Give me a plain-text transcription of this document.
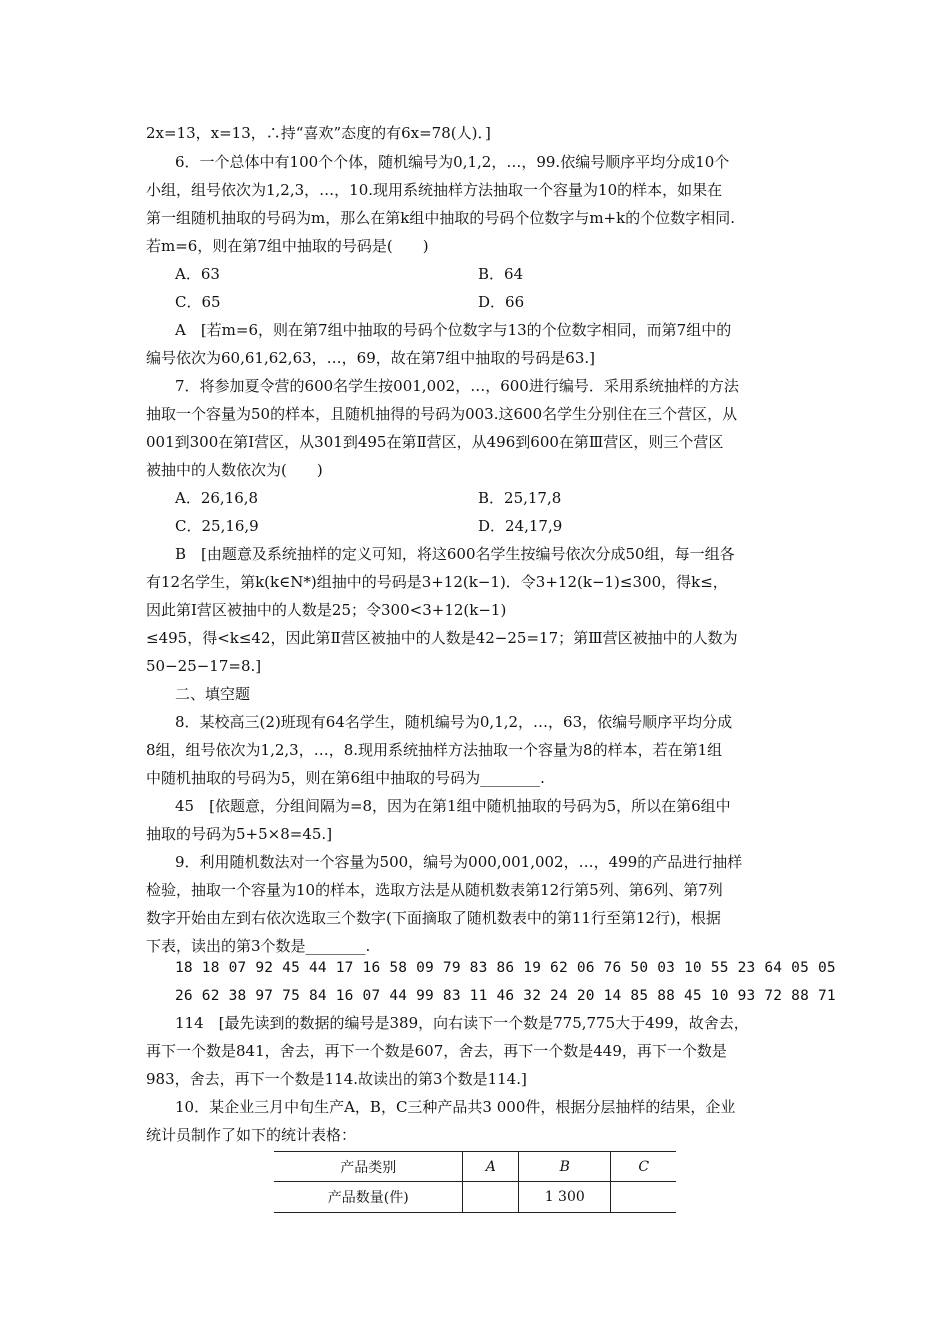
2x=13，x=13，∴持“喜欢”态度的有6x=78(人)．]
6．一个总体中有100个个体，随机编号为0,1,2，…，99.依编号顺序平均分成10个
小组，组号依次为1,2,3，…，10.现用系统抽样方法抽取一个容量为10的样本，如果在
第一组随机抽取的号码为m，那么在第k组中抽取的号码个位数字与m+k的个位数字相同.
若m=6，则在第7组中抽取的号码是(　　)
A　[若m=6，则在第7组中抽取的号码个位数字与13的个位数字相同，而第7组中的
编号依次为60,61,62,63，…，69，故在第7组中抽取的号码是63.]
7．将参加夏令营的600名学生按001,002，…，600进行编号．采用系统抽样的方法
抽取一个容量为50的样本，且随机抽得的号码为003.这600名学生分别住在三个营区，从
001到300在第Ⅰ营区，从301到495在第Ⅱ营区，从496到600在第Ⅲ营区，则三个营区
被抽中的人数依次为(　　)
B　[由题意及系统抽样的定义可知，将这600名学生按编号依次分成50组，每一组各
有12名学生，第k(k∈N*)组抽中的号码是3+12(k−1)．令3+12(k−1)≤300，得k≤，
因此第Ⅰ营区被抽中的人数是25；令300<3+12(k−1)
≤495，得<k≤42，因此第Ⅱ营区被抽中的人数是42−25=17；第Ⅲ营区被抽中的人数为
50−25−17=8.]
二、填空题
8．某校高三(2)班现有64名学生，随机编号为0,1,2，…，63，依编号顺序平均分成
8组，组号依次为1,2,3，…，8.现用系统抽样方法抽取一个容量为8的样本，若在第1组
中随机抽取的号码为5，则在第6组中抽取的号码为________.
45　[依题意，分组间隔为=8，因为在第1组中随机抽取的号码为5，所以在第6组中
抽取的号码为5+5×8=45.]
9．利用随机数法对一个容量为500，编号为000,001,002，…，499的产品进行抽样
检验，抽取一个容量为10的样本，选取方法是从随机数表第12行第5列、第6列、第7列
数字开始由左到右依次选取三个数字(下面摘取了随机数表中的第11行至第12行)，根据
下表，读出的第3个数是________.
114　[最先读到的数据的编号是389，向右读下一个数是775,775大于499，故舍去，
再下一个数是841，舍去，再下一个数是607，舍去，再下一个数是449，再下一个数是
983，舍去，再下一个数是114.故读出的第3个数是114.]
10．某企业三月中旬生产A，B，C三种产品共3 000件，根据分层抽样的结果，企业
统计员制作了如下的统计表格：
A．63	B．64
C．65	D．66
A．26,16,8	B．25,17,8
C．25,16,9	D．24,17,9
18 18 07 92 45 44 17 16 58 09 79 83 86 19 62 06 76 50 03 10 55 23 64 05 05
26 62 38 97 75 84 16 07 44 99 83 11 46 32 24 20 14 85 88 45 10 93 72 88 71
产品类别	A	B	C
产品数量(件)		1 300	
